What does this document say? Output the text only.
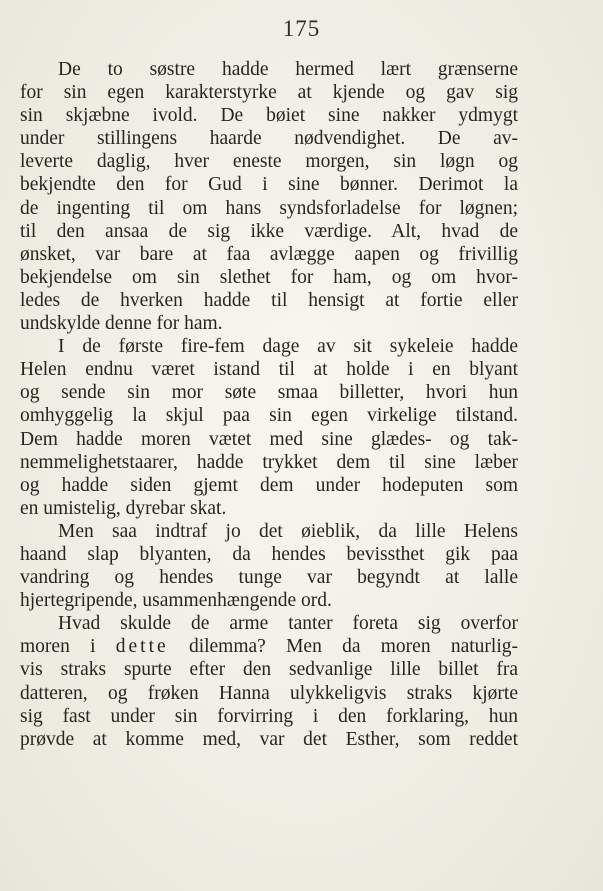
175
De to søstre hadde hermed lært grænserne
for sin egen karakterstyrke at kjende og gav sig
sin skjæbne ivold. De bøiet sine nakker ydmygt
under stillingens haarde nødvendighet. De av-
leverte daglig, hver eneste morgen, sin løgn og
bekjendte den for Gud i sine bønner. Derimot la
de ingenting til om hans syndsforladelse for løgnen;
til den ansaa de sig ikke værdige. Alt, hvad de
ønsket, var bare at faa avlægge aapen og frivillig
bekjendelse om sin slethet for ham, og om hvor-
ledes de hverken hadde til hensigt at fortie eller
undskylde denne for ham.
I de første fire-fem dage av sit sykeleie hadde
Helen endnu været istand til at holde i en blyant
og sende sin mor søte smaa billetter, hvori hun
omhyggelig la skjul paa sin egen virkelige tilstand.
Dem hadde moren vætet med sine glædes- og tak-
nemmelighetstaarer, hadde trykket dem til sine læber
og hadde siden gjemt dem under hodeputen som
en umistelig, dyrebar skat.
Men saa indtraf jo det øieblik, da lille Helens
haand slap blyanten, da hendes bevissthet gik paa
vandring og hendes tunge var begyndt at lalle
hjertegripende, usammenhængende ord.
Hvad skulde de arme tanter foreta sig overfor
moren i dette dilemma? Men da moren naturlig-
vis straks spurte efter den sedvanlige lille billet fra
datteren, og frøken Hanna ulykkeligvis straks kjørte
sig fast under sin forvirring i den forklaring, hun
prøvde at komme med, var det Esther, som reddet
